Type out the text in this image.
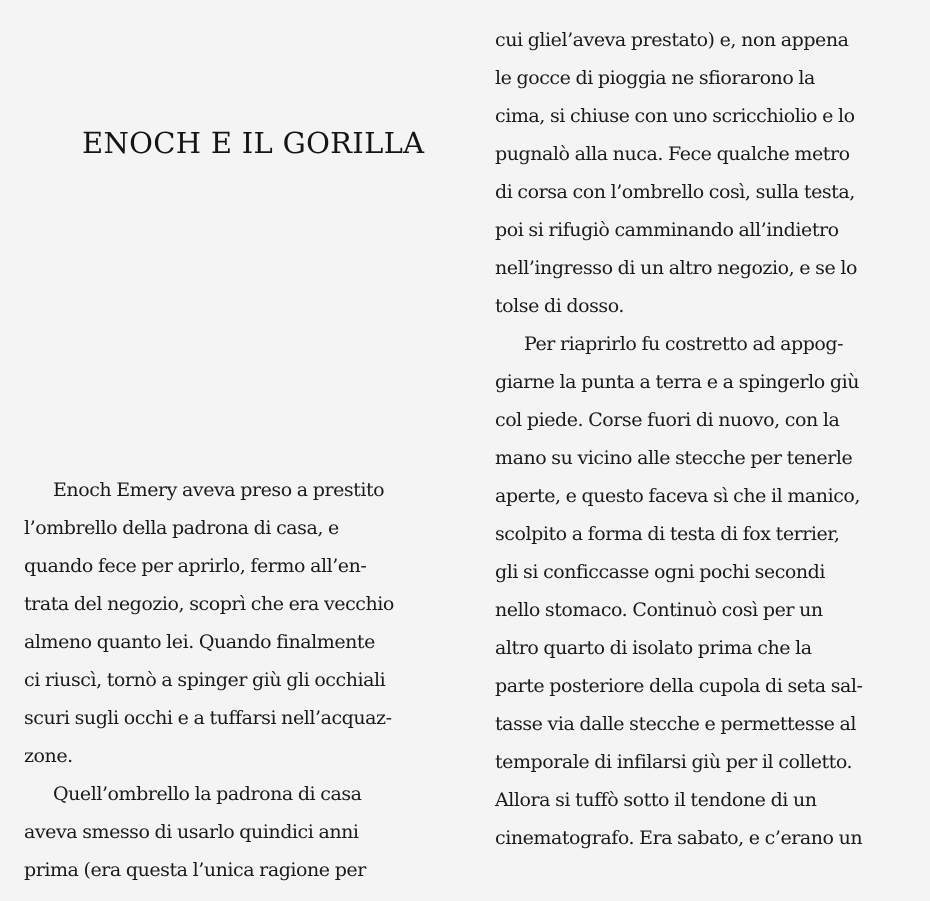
ENOCH E IL GORILLA
Enoch Emery aveva preso a prestito
l’ombrello della padrona di casa, e
quando fece per aprirlo, fermo all’en-
trata del negozio, scoprì che era vecchio
almeno quanto lei. Quando finalmente
ci riuscì, tornò a spinger giù gli occhiali
scuri sugli occhi e a tuffarsi nell’acquaz-
zone.
Quell’ombrello la padrona di casa
aveva smesso di usarlo quindici anni
prima (era questa l’unica ragione per
cui gliel’aveva prestato) e, non appena
le gocce di pioggia ne sfiorarono la
cima, si chiuse con uno scricchiolio e lo
pugnalò alla nuca. Fece qualche metro
di corsa con l’ombrello così, sulla testa,
poi si rifugiò camminando all’indietro
nell’ingresso di un altro negozio, e se lo
tolse di dosso.
Per riaprirlo fu costretto ad appog-
giarne la punta a terra e a spingerlo giù
col piede. Corse fuori di nuovo, con la
mano su vicino alle stecche per tenerle
aperte, e questo faceva sì che il manico,
scolpito a forma di testa di fox terrier,
gli si conficcasse ogni pochi secondi
nello stomaco. Continuò così per un
altro quarto di isolato prima che la
parte posteriore della cupola di seta sal-
tasse via dalle stecche e permettesse al
temporale di infilarsi giù per il colletto.
Allora si tuffò sotto il tendone di un
cinematografo. Era sabato, e c’erano un
